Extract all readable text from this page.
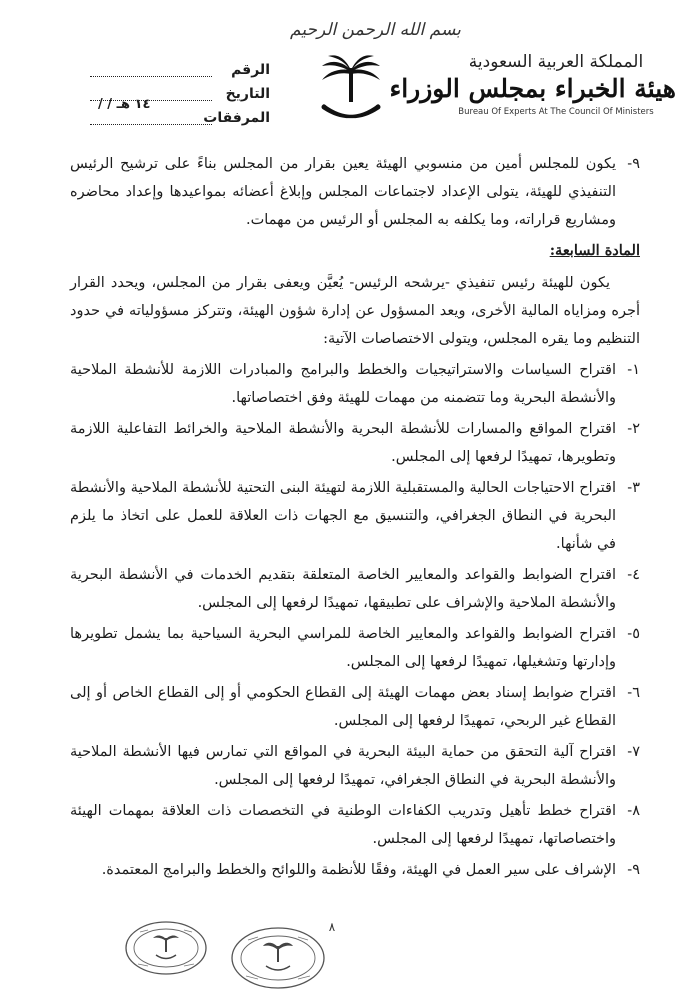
بسم الله الرحمن الرحيم
المملكة العربية السعودية
هيئة الخبراء بمجلس الوزراء
Bureau Of Experts At The Council Of Ministers
الرقم
التاريخ
/ / ١٤ هـ
المرفقات
٩-
يكون للمجلس أمين من منسوبي الهيئة يعين بقرار من المجلس بناءً على ترشيح الرئيس التنفيذي للهيئة، يتولى الإعداد لاجتماعات المجلس وإبلاغ أعضائه بمواعيدها وإعداد محاضره ومشاريع قراراته، وما يكلفه به المجلس أو الرئيس من مهمات.
المادة السابعة:
يكون للهيئة رئيس تنفيذي -يرشحه الرئيس- يُعيَّن ويعفى بقرار من المجلس، ويحدد القرار أجره ومزاياه المالية الأخرى، ويعد المسؤول عن إدارة شؤون الهيئة، وتتركز مسؤولياته في حدود التنظيم وما يقره المجلس، ويتولى الاختصاصات الآتية:
١-
اقتراح السياسات والاستراتيجيات والخطط والبرامج والمبادرات اللازمة للأنشطة الملاحية والأنشطة البحرية وما تتضمنه من مهمات للهيئة وفق اختصاصاتها.
٢-
اقتراح المواقع والمسارات للأنشطة البحرية والأنشطة الملاحية والخرائط التفاعلية اللازمة وتطويرها، تمهيدًا لرفعها إلى المجلس.
٣-
اقتراح الاحتياجات الحالية والمستقبلية اللازمة لتهيئة البنى التحتية للأنشطة الملاحية والأنشطة البحرية في النطاق الجغرافي، والتنسيق مع الجهات ذات العلاقة للعمل على اتخاذ ما يلزم في شأنها.
٤-
اقتراح الضوابط والقواعد والمعايير الخاصة المتعلقة بتقديم الخدمات في الأنشطة البحرية والأنشطة الملاحية والإشراف على تطبيقها، تمهيدًا لرفعها إلى المجلس.
٥-
اقتراح الضوابط والقواعد والمعايير الخاصة للمراسي البحرية السياحية بما يشمل تطويرها وإدارتها وتشغيلها، تمهيدًا لرفعها إلى المجلس.
٦-
اقتراح ضوابط إسناد بعض مهمات الهيئة إلى القطاع الحكومي أو إلى القطاع الخاص أو إلى القطاع غير الربحي، تمهيدًا لرفعها إلى المجلس.
٧-
اقتراح آلية التحقق من حماية البيئة البحرية في المواقع التي تمارس فيها الأنشطة الملاحية والأنشطة البحرية في النطاق الجغرافي، تمهيدًا لرفعها إلى المجلس.
٨-
اقتراح خطط تأهيل وتدريب الكفاءات الوطنية في التخصصات ذات العلاقة بمهمات الهيئة واختصاصاتها، تمهيدًا لرفعها إلى المجلس.
٩-
الإشراف على سير العمل في الهيئة، وفقًا للأنظمة واللوائح والخطط والبرامج المعتمدة.
٨
